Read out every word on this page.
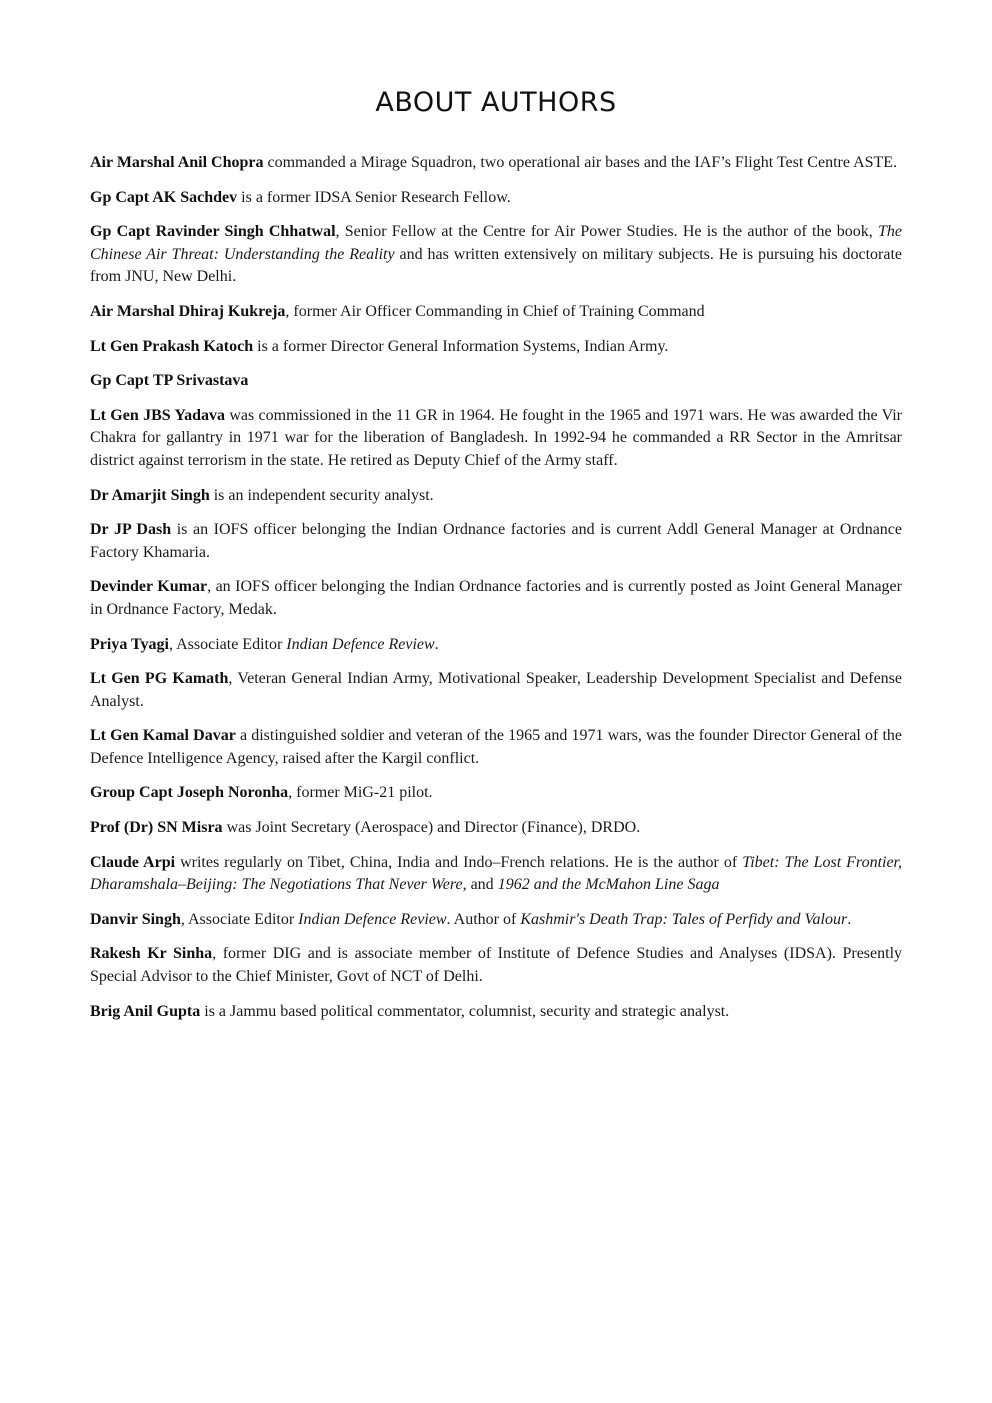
ABOUT AUTHORS

Air Marshal Anil Chopra commanded a Mirage Squadron, two operational air bases and the IAF’s Flight Test Centre ASTE.

Gp Capt AK Sachdev is a former IDSA Senior Research Fellow.

Gp Capt Ravinder Singh Chhatwal, Senior Fellow at the Centre for Air Power Studies. He is the author of the book, The Chinese Air Threat: Understanding the Reality and has written extensively on military subjects. He is pursuing his doctorate from JNU, New Delhi.

Air Marshal Dhiraj Kukreja, former Air Officer Commanding in Chief of Training Command

Lt Gen Prakash Katoch is a former Director General Information Systems, Indian Army.

Gp Capt TP Srivastava

Lt Gen JBS Yadava was commissioned in the 11 GR in 1964. He fought in the 1965 and 1971 wars. He was awarded the Vir Chakra for gallantry in 1971 war for the liberation of Bangladesh. In 1992-94 he commanded a RR Sector in the Amritsar district against terrorism in the state. He retired as Deputy Chief of the Army staff.

Dr Amarjit Singh is an independent security analyst.

Dr JP Dash is an IOFS officer belonging the Indian Ordnance factories and is current Addl General Manager at Ordnance Factory Khamaria.

Devinder Kumar, an IOFS officer belonging the Indian Ordnance factories and is currently posted as Joint General Manager in Ordnance Factory, Medak.

Priya Tyagi, Associate Editor Indian Defence Review.

Lt Gen PG Kamath, Veteran General Indian Army, Motivational Speaker, Leadership Development Specialist and Defense Analyst.

Lt Gen Kamal Davar a distinguished soldier and veteran of the 1965 and 1971 wars, was the founder Director General of the Defence Intelligence Agency, raised after the Kargil conflict.

Group Capt Joseph Noronha, former MiG-21 pilot.

Prof (Dr) SN Misra was Joint Secretary (Aerospace) and Director (Finance), DRDO.

Claude Arpi writes regularly on Tibet, China, India and Indo–French relations. He is the author of Tibet: The Lost Frontier, Dharamshala–Beijing: The Negotiations That Never Were, and 1962 and the McMahon Line Saga

Danvir Singh, Associate Editor Indian Defence Review. Author of Kashmir's Death Trap: Tales of Perfidy and Valour.

Rakesh Kr Sinha, former DIG and is associate member of Institute of Defence Studies and Analyses (IDSA). Presently Special Advisor to the Chief Minister, Govt of NCT of Delhi.

Brig Anil Gupta is a Jammu based political commentator, columnist, security and strategic analyst.
